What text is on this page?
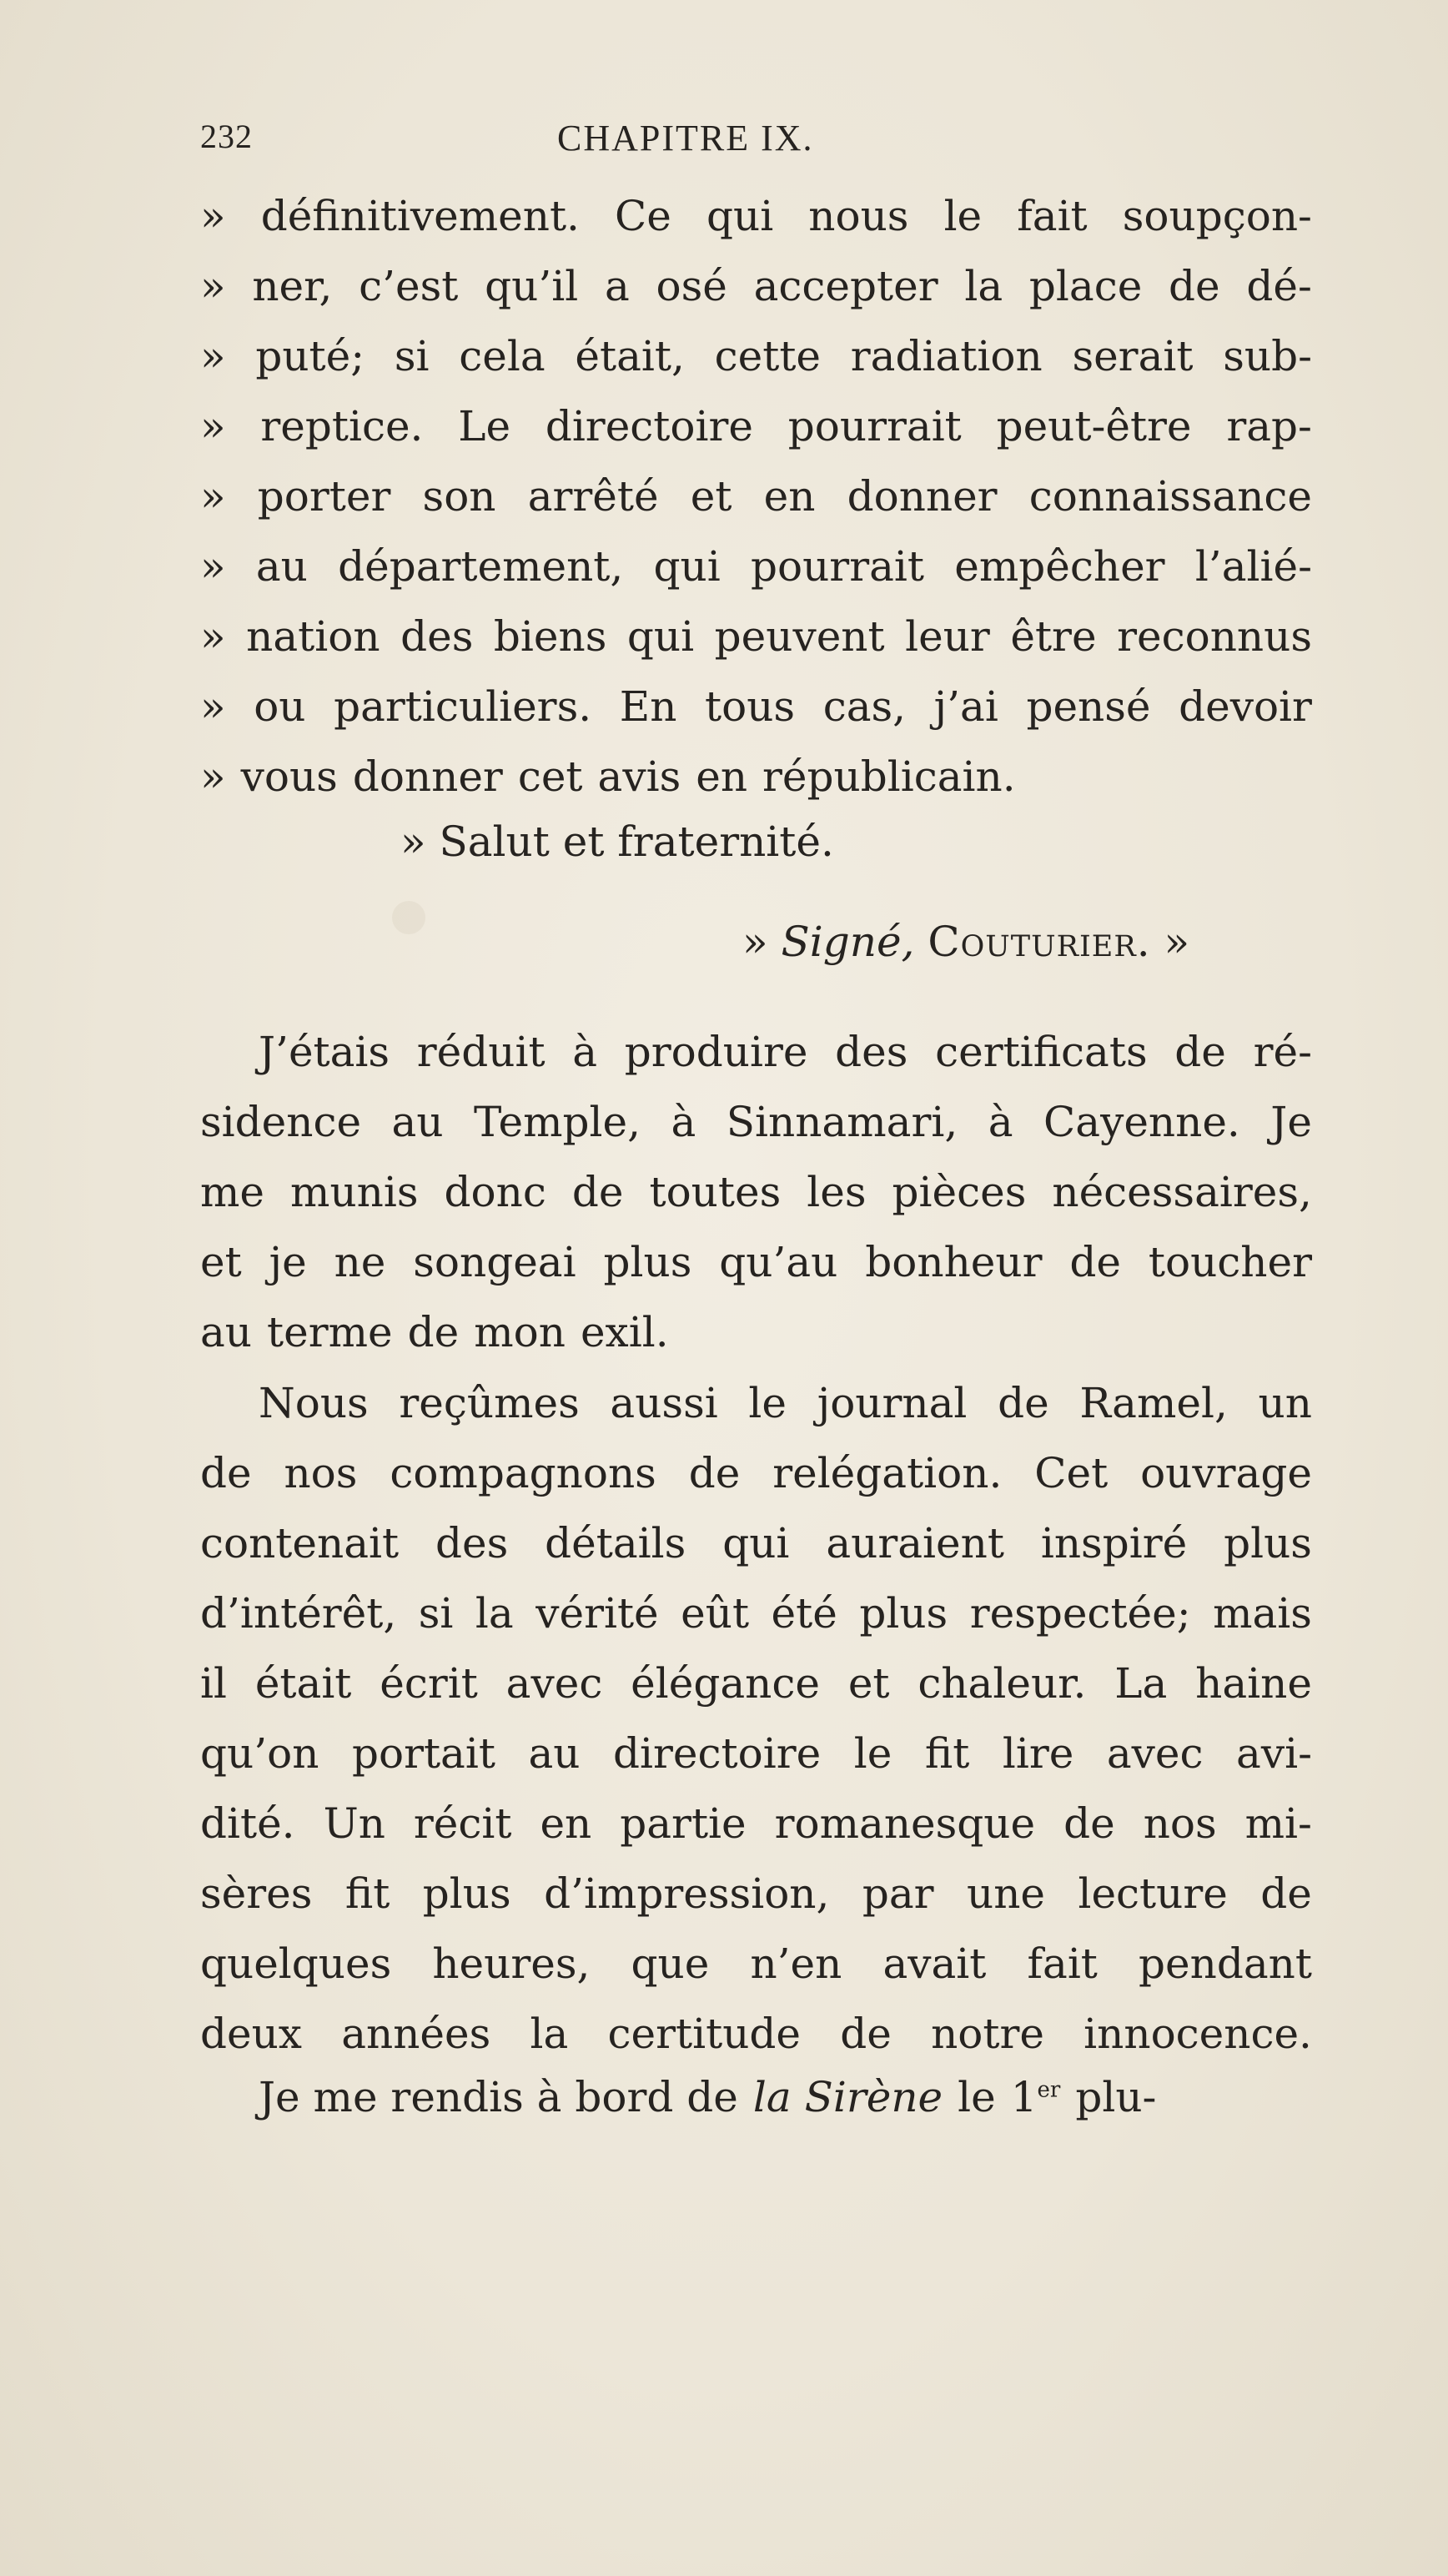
232	CHAPITRE IX.
» définitivement. Ce qui nous le fait soupçon-
» ner, c’est qu’il a osé accepter la place de dé-
» puté; si cela était, cette radiation serait sub-
» reptice. Le directoire pourrait peut-être rap-
» porter son arrêté et en donner connaissance
» au département, qui pourrait empêcher l’alié-
» nation des biens qui peuvent leur être reconnus
» ou particuliers. En tous cas, j’ai pensé devoir
» vous donner cet avis en républicain.
» Salut et fraternité.
» Signé, Couturier. »
J’étais réduit à produire des certificats de ré-
sidence au Temple, à Sinnamari, à Cayenne. Je
me munis donc de toutes les pièces nécessaires,
et je ne songeai plus qu’au bonheur de toucher
au terme de mon exil.
Nous reçûmes aussi le journal de Ramel, un
de nos compagnons de relégation. Cet ouvrage
contenait des détails qui auraient inspiré plus
d’intérêt, si la vérité eût été plus respectée; mais
il était écrit avec élégance et chaleur. La haine
qu’on portait au directoire le fit lire avec avi-
dité. Un récit en partie romanesque de nos mi-
sères fit plus d’impression, par une lecture de
quelques heures, que n’en avait fait pendant
deux années la certitude de notre innocence.
Je me rendis à bord de la Sirène le 1er plu-
